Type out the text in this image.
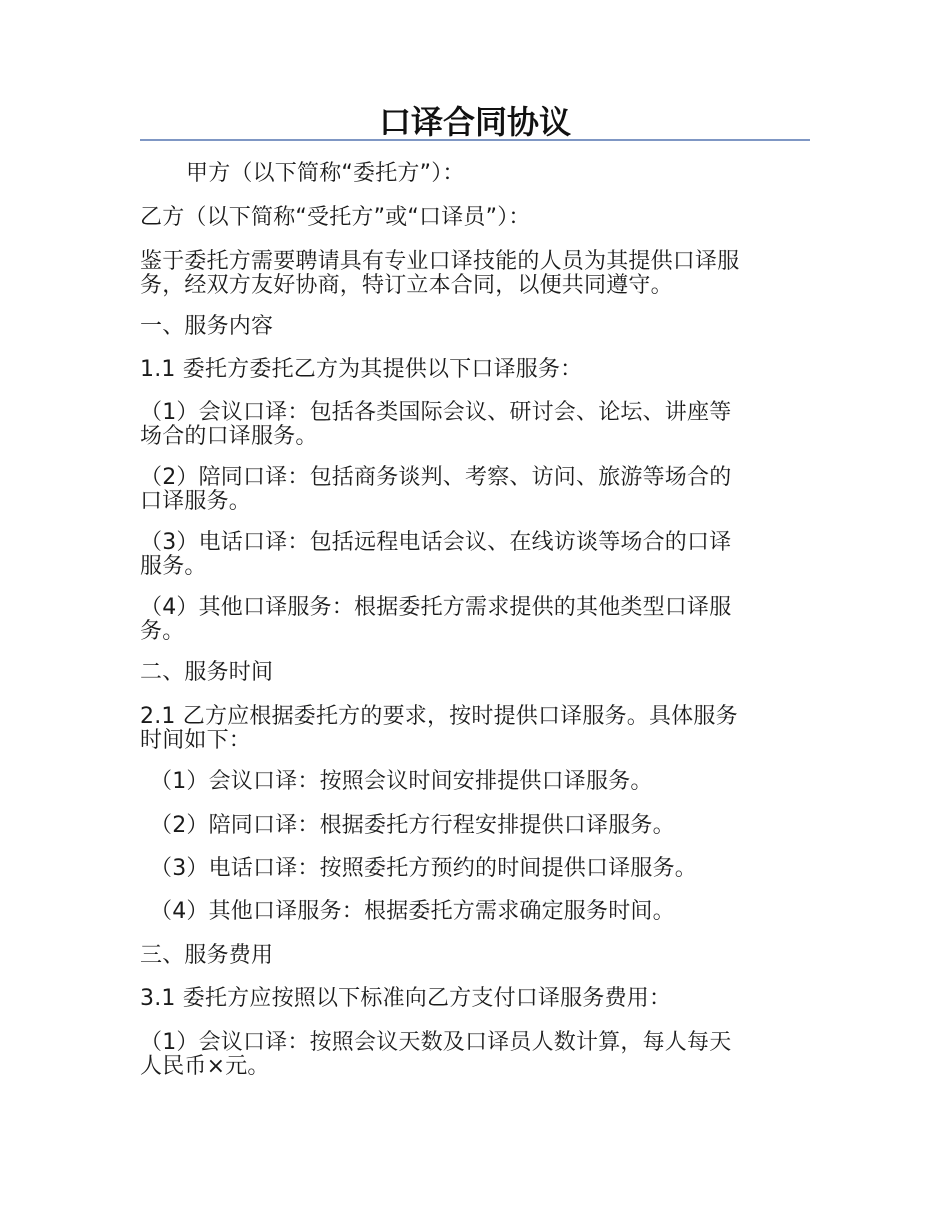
口译合同协议
甲方（以下简称“委托方”）：
乙方（以下简称“受托方”或“口译员”）：
鉴于委托方需要聘请具有专业口译技能的人员为其提供口译服
务，经双方友好协商，特订立本合同，以便共同遵守。
一、服务内容
1.1 委托方委托乙方为其提供以下口译服务：
（1）会议口译：包括各类国际会议、研讨会、论坛、讲座等
场合的口译服务。
（2）陪同口译：包括商务谈判、考察、访问、旅游等场合的
口译服务。
（3）电话口译：包括远程电话会议、在线访谈等场合的口译
服务。
（4）其他口译服务：根据委托方需求提供的其他类型口译服
务。
二、服务时间
2.1 乙方应根据委托方的要求，按时提供口译服务。具体服务
时间如下：
（1）会议口译：按照会议时间安排提供口译服务。
（2）陪同口译：根据委托方行程安排提供口译服务。
（3）电话口译：按照委托方预约的时间提供口译服务。
（4）其他口译服务：根据委托方需求确定服务时间。
三、服务费用
3.1 委托方应按照以下标准向乙方支付口译服务费用：
（1）会议口译：按照会议天数及口译员人数计算，每人每天
人民币×元。
